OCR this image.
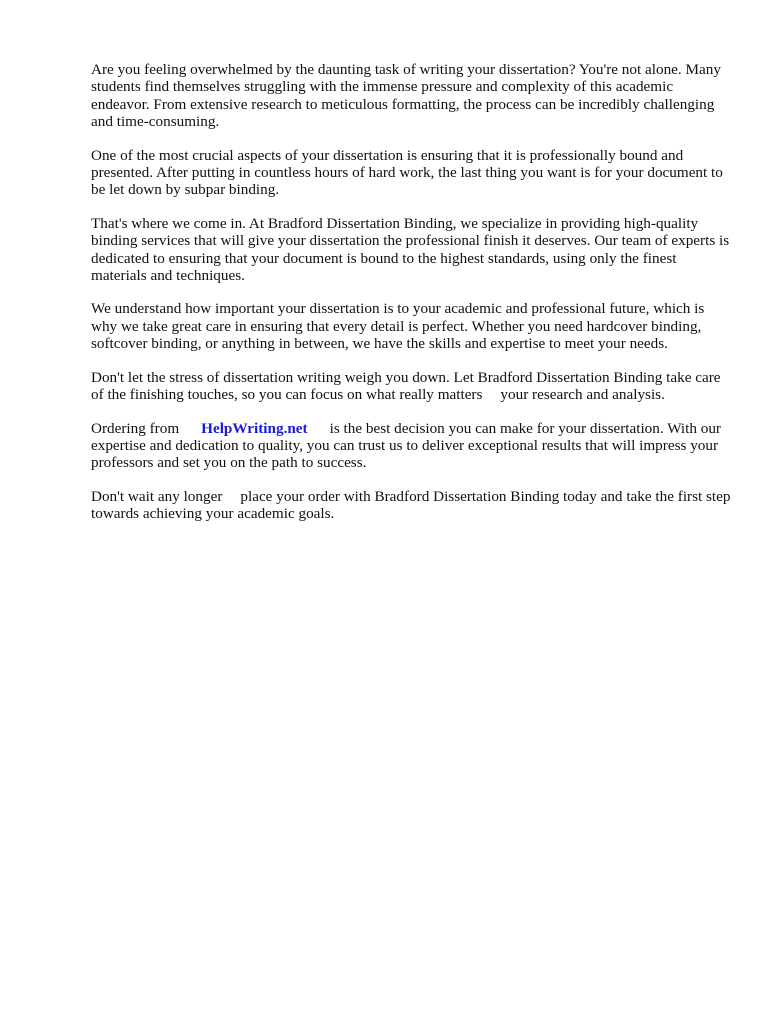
Are you feeling overwhelmed by the daunting task of writing your dissertation? You're not alone. Many students find themselves struggling with the immense pressure and complexity of this academic endeavor. From extensive research to meticulous formatting, the process can be incredibly challenging and time-consuming.

One of the most crucial aspects of your dissertation is ensuring that it is professionally bound and presented. After putting in countless hours of hard work, the last thing you want is for your document to be let down by subpar binding.

That's where we come in. At Bradford Dissertation Binding, we specialize in providing high-quality binding services that will give your dissertation the professional finish it deserves. Our team of experts is dedicated to ensuring that your document is bound to the highest standards, using only the finest materials and techniques.

We understand how important your dissertation is to your academic and professional future, which is why we take great care in ensuring that every detail is perfect. Whether you need hardcover binding, softcover binding, or anything in between, we have the skills and expertise to meet your needs.

Don't let the stress of dissertation writing weigh you down. Let Bradford Dissertation Binding take care of the finishing touches, so you can focus on what really matters your research and analysis.

Ordering from HelpWriting.net is the best decision you can make for your dissertation. With our expertise and dedication to quality, you can trust us to deliver exceptional results that will impress your professors and set you on the path to success.

Don't wait any longer place your order with Bradford Dissertation Binding today and take the first step towards achieving your academic goals.
